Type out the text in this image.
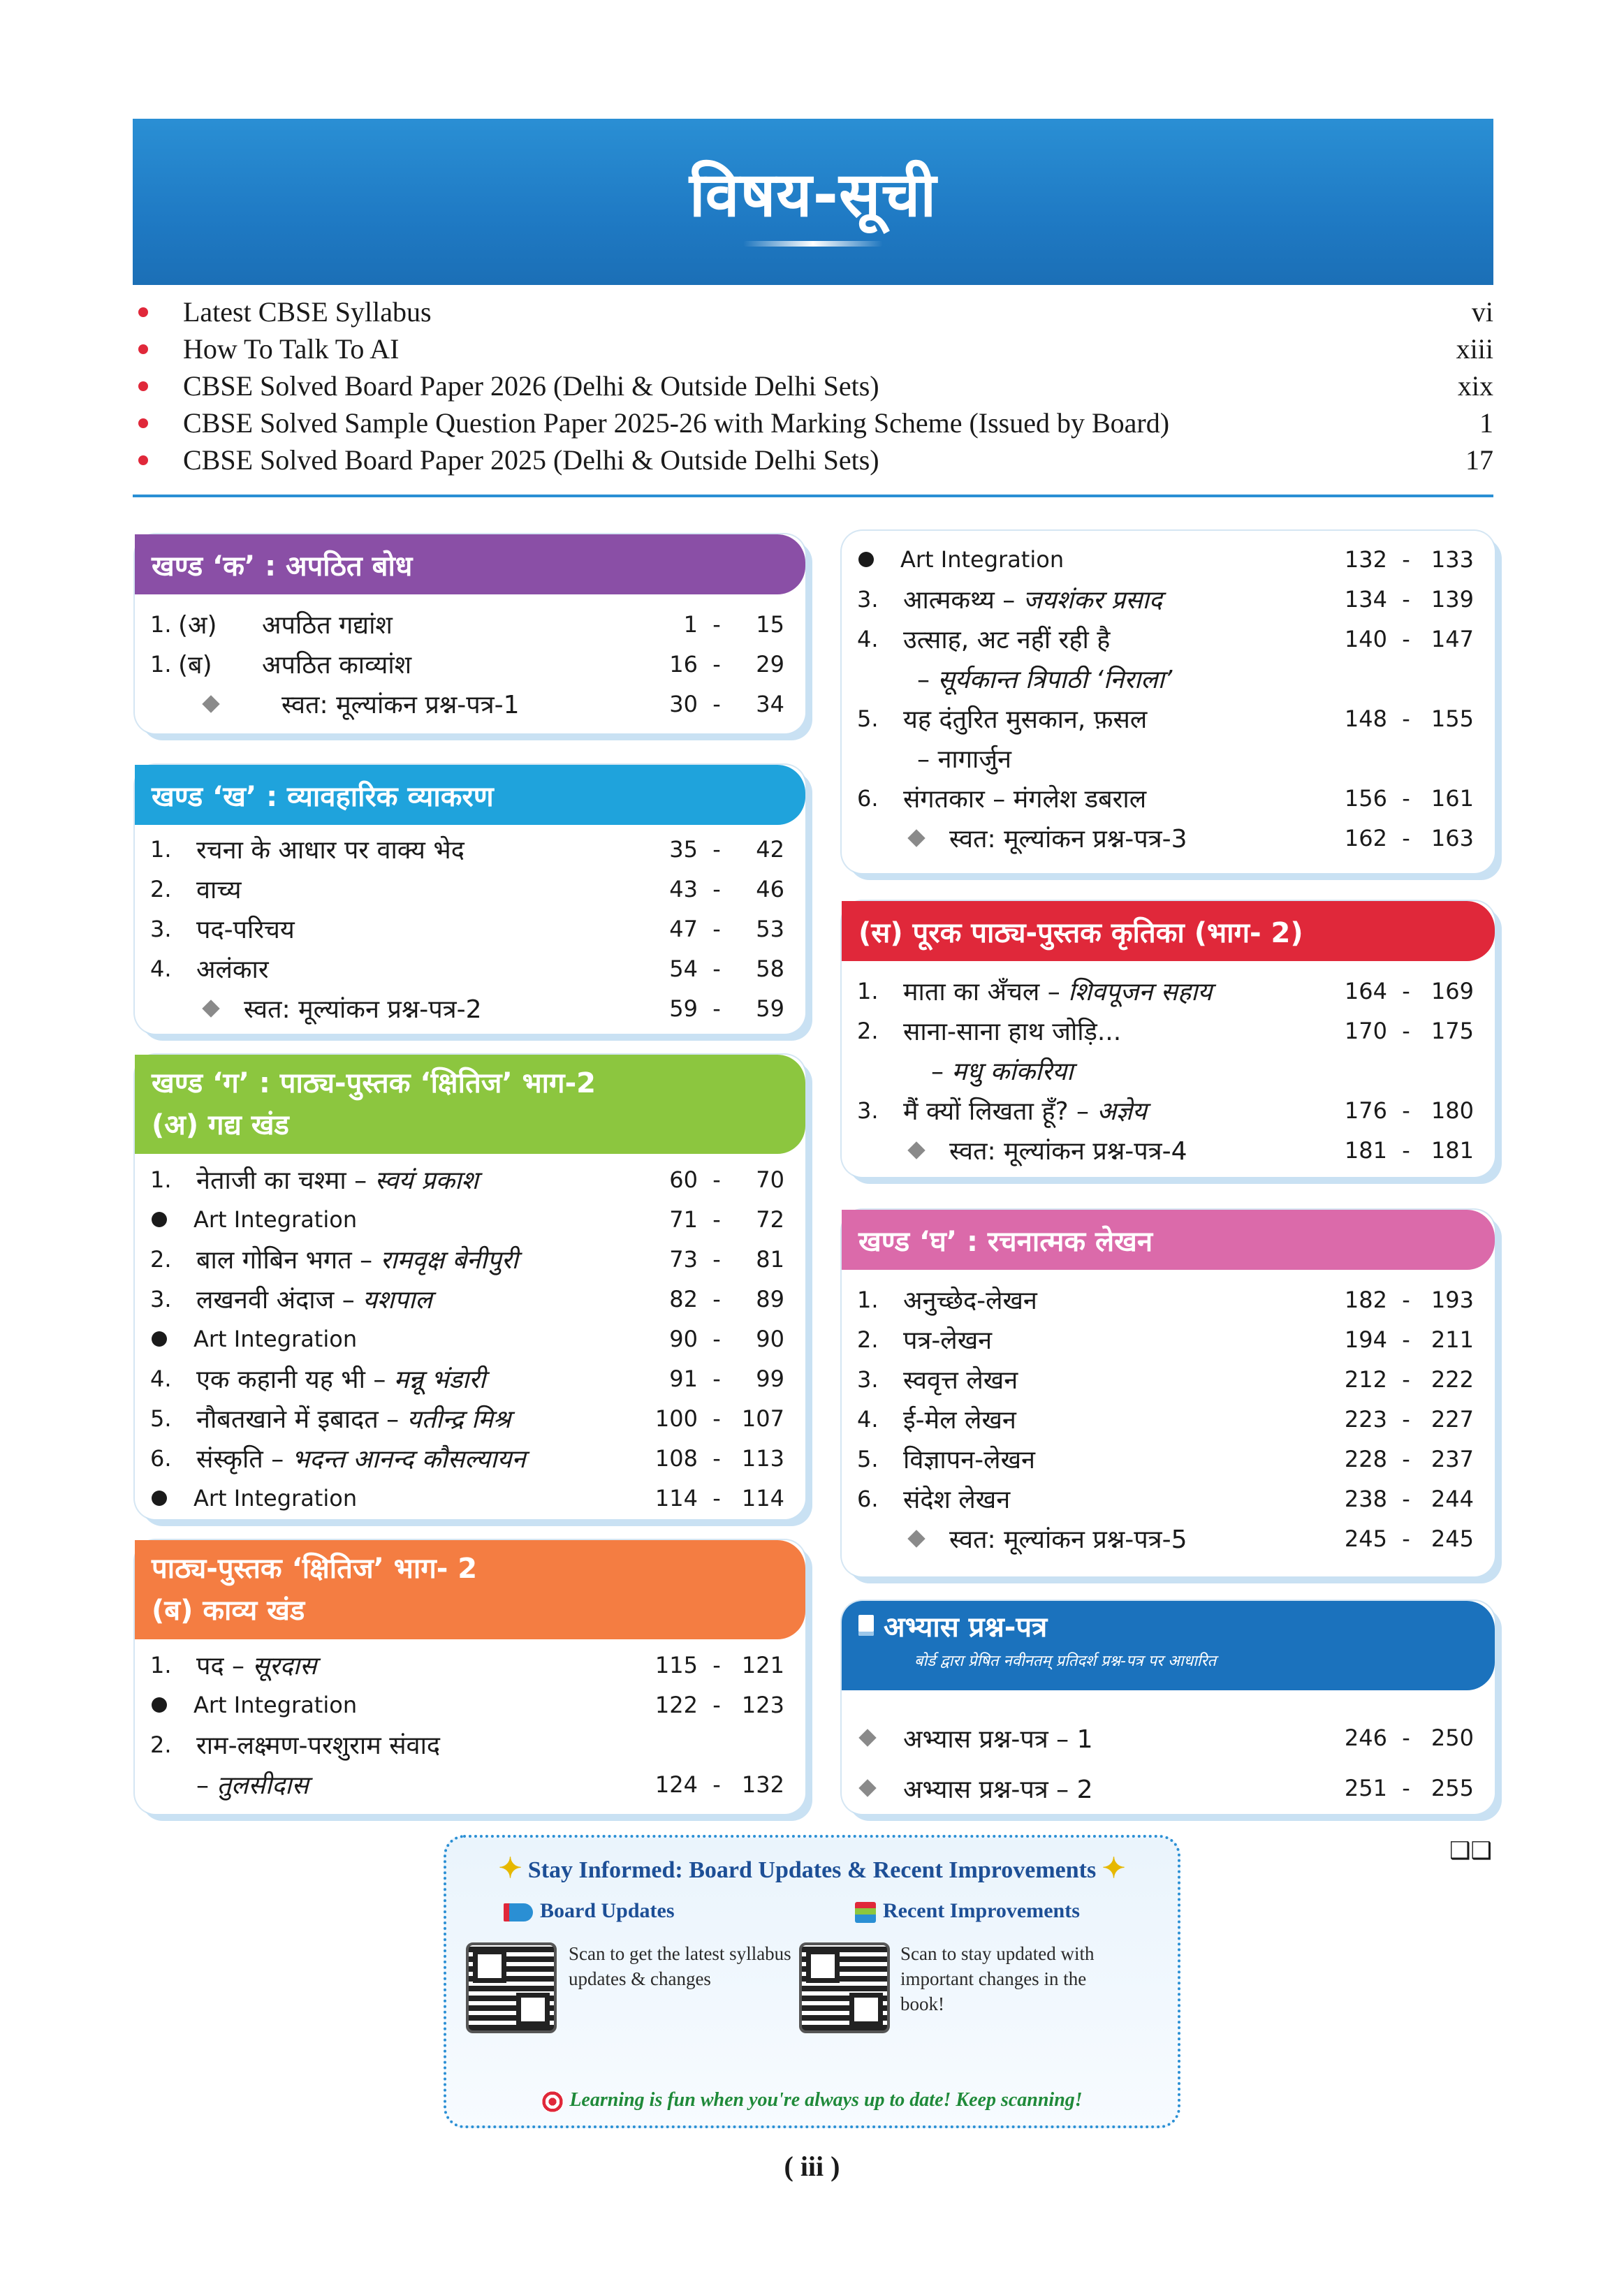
विषय-सूची
Latest CBSE Syllabus	vi
How To Talk To AI	xiii
CBSE Solved Board Paper 2026 (Delhi & Outside Delhi Sets)	xix
CBSE Solved Sample Question Paper 2025-26 with Marking Scheme (Issued by Board)	1
CBSE Solved Board Paper 2025 (Delhi & Outside Delhi Sets)	17
खण्ड ‘क’ : अपठित बोध
1. (अ)	अपठित गद्यांश	1 -	15
1. (ब)	अपठित काव्यांश	16 -	29
स्वत: मूल्यांकन प्रश्न-पत्र-1	30 -	34
खण्ड ‘ख’ : व्यावहारिक व्याकरण
1. रचना के आधार पर वाक्य भेद	35 -	42
2. वाच्य	43 -	46
3. पद-परिचय	47 -	53
4. अलंकार	54 -	58
स्वत: मूल्यांकन प्रश्न-पत्र-2	59 -	59
खण्ड ‘ग’ : पाठ्य-पुस्तक ‘क्षितिज’ भाग-2
(अ) गद्य खंड
1. नेताजी का चश्मा – स्वयं प्रकाश	60 -	70
Art Integration	71 -	72
2. बाल गोबिन भगत – रामवृक्ष बेनीपुरी	73 -	81
3. लखनवी अंदाज – यशपाल	82 -	89
Art Integration	90 -	90
4. एक कहानी यह भी – मन्नू भंडारी	91 -	99
5. नौबतखाने में इबादत – यतीन्द्र मिश्र	100 - 107
6. संस्कृति – भदन्त आनन्द कौसल्यायन	108 - 113
Art Integration	114 - 114
पाठ्य-पुस्तक ‘क्षितिज’ भाग- 2
(ब) काव्य खंड
1. पद – सूरदास	115 - 121
Art Integration	122 - 123
2. राम-लक्ष्मण-परशुराम संवाद
– तुलसीदास	124 - 132
Art Integration	132 - 133
3. आत्मकथ्य – जयशंकर प्रसाद	134 - 139
4. उत्साह, अट नहीं रही है	140 - 147
– सूर्यकान्त त्रिपाठी ‘निराला’
5. यह दंतुरित मुसकान, फ़सल	148 - 155
– नागार्जुन
6. संगतकार – मंगलेश डबराल	156 - 161
स्वत: मूल्यांकन प्रश्न-पत्र-3	162 - 163
(स) पूरक पाठ्य-पुस्तक कृतिका (भाग- 2)
1. माता का अँचल – शिवपूजन सहाय	164 - 169
2. साना-साना हाथ जोड़ि...	170 - 175
– मधु कांकरिया
3. मैं क्यों लिखता हूँ? – अज्ञेय	176 - 180
स्वत: मूल्यांकन प्रश्न-पत्र-4	181 - 181
खण्ड ‘घ’ : रचनात्मक लेखन
1. अनुच्छेद-लेखन	182 - 193
2. पत्र-लेखन	194 - 211
3. स्ववृत्त लेखन	212 - 222
4. ई-मेल लेखन	223 - 227
5. विज्ञापन-लेखन	228 - 237
6. संदेश लेखन	238 - 244
स्वत: मूल्यांकन प्रश्न-पत्र-5	245 - 245
अभ्यास प्रश्न-पत्र
बोर्ड द्वारा प्रेषित नवीनतम् प्रतिदर्श प्रश्न-पत्र पर आधारित
अभ्यास प्रश्न-पत्र – 1	246 - 250
अभ्यास प्रश्न-पत्र – 2	251 - 255
❑❑
✦ Stay Informed: Board Updates & Recent Improvements ✦
Board Updates
Scan to get the latest syllabus updates & changes
Recent Improvements
Scan to stay updated with important changes in the book!
Learning is fun when you're always up to date! Keep scanning!
( iii )
